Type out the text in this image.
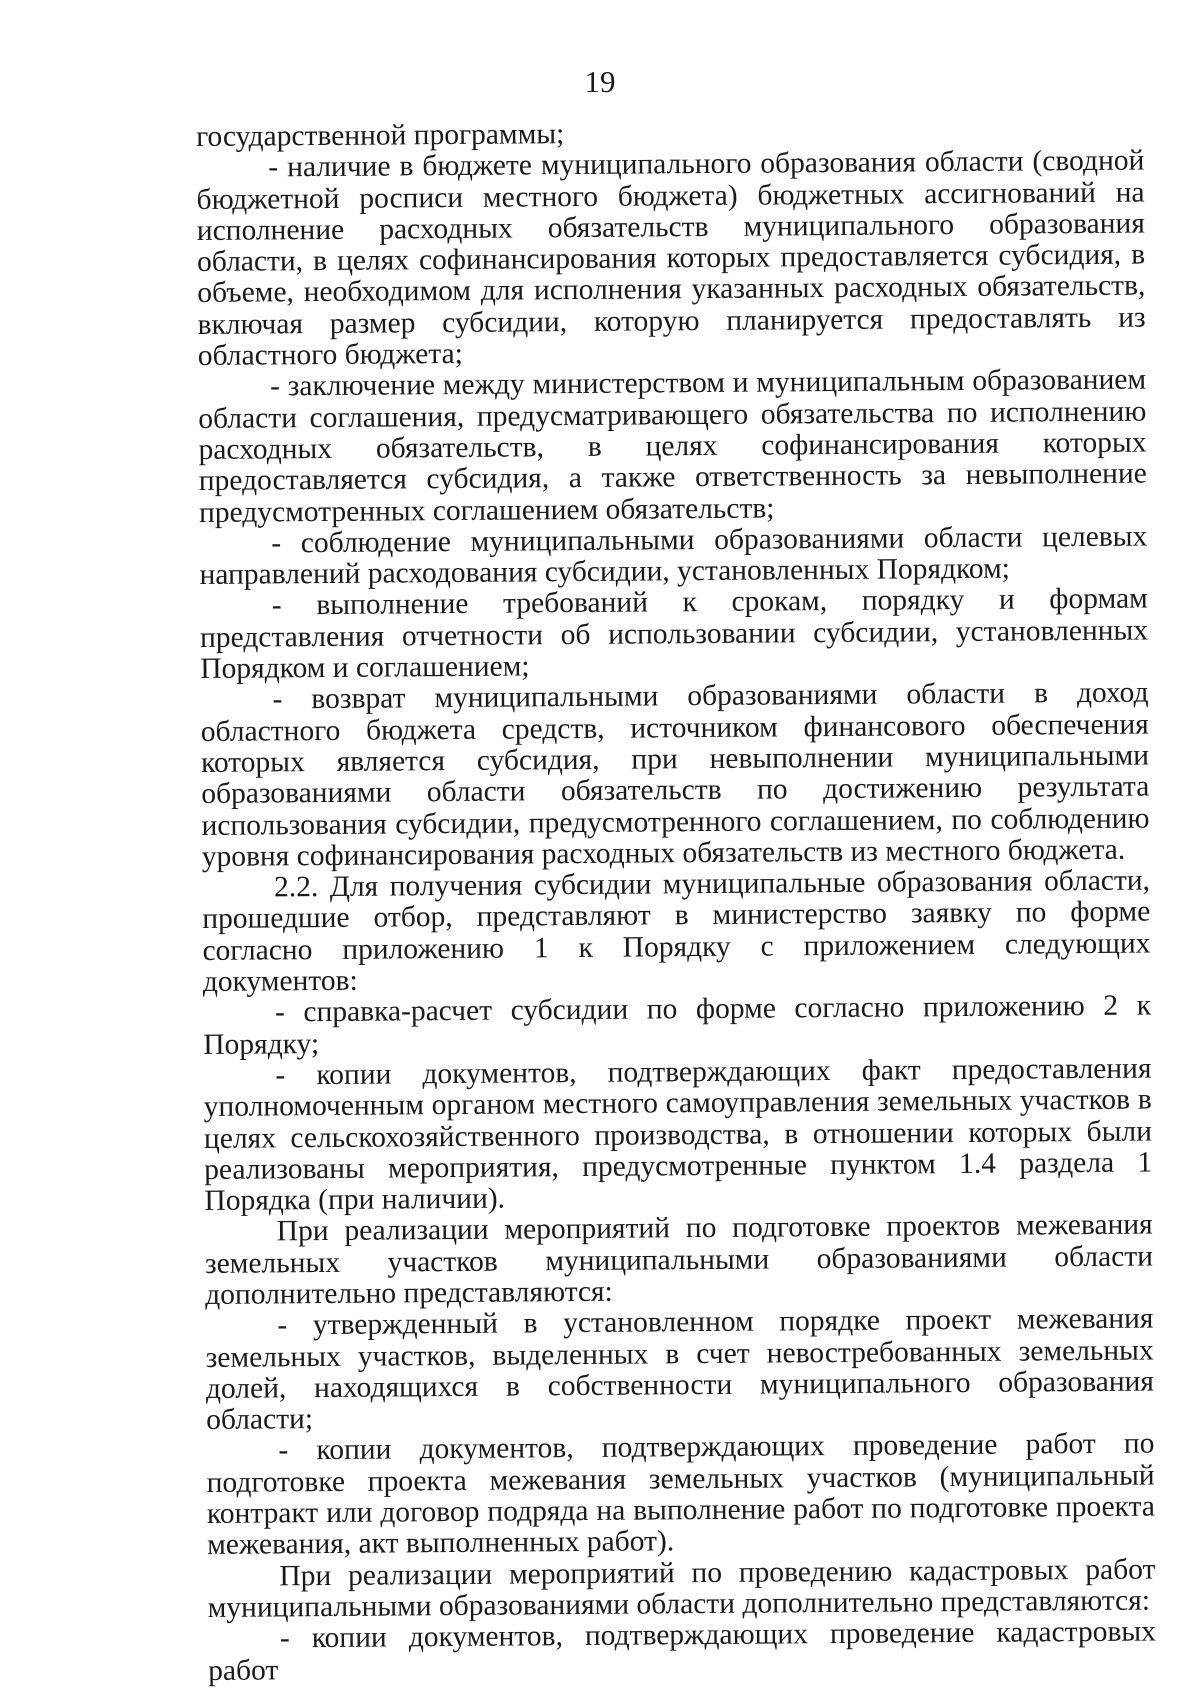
19

государственной программы;

- наличие в бюджете муниципального образования области (сводной бюджетной росписи местного бюджета) бюджетных ассигнований на исполнение расходных обязательств муниципального образования области, в целях софинансирования которых предоставляется субсидия, в объеме, необходимом для исполнения указанных расходных обязательств, включая размер субсидии, которую планируется предоставлять из областного бюджета;

- заключение между министерством и муниципальным образованием области соглашения, предусматривающего обязательства по исполнению расходных обязательств, в целях софинансирования которых предоставляется субсидия, а также ответственность за невыполнение предусмотренных соглашением обязательств;

- соблюдение муниципальными образованиями области целевых направлений расходования субсидии, установленных Порядком;

- выполнение требований к срокам, порядку и формам представления отчетности об использовании субсидии, установленных Порядком и соглашением;

- возврат муниципальными образованиями области в доход областного бюджета средств, источником финансового обеспечения которых является субсидия, при невыполнении муниципальными образованиями области обязательств по достижению результата использования субсидии, предусмотренного соглашением, по соблюдению уровня софинансирования расходных обязательств из местного бюджета.

2.2. Для получения субсидии муниципальные образования области, прошедшие отбор, представляют в министерство заявку по форме согласно приложению 1 к Порядку с приложением следующих документов:

- справка-расчет субсидии по форме согласно приложению 2 к Порядку;

- копии документов, подтверждающих факт предоставления уполномоченным органом местного самоуправления земельных участков в целях сельскохозяйственного производства, в отношении которых были реализованы мероприятия, предусмотренные пунктом 1.4 раздела 1 Порядка (при наличии).

При реализации мероприятий по подготовке проектов межевания земельных участков муниципальными образованиями области дополнительно представляются:

- утвержденный в установленном порядке проект межевания земельных участков, выделенных в счет невостребованных земельных долей, находящихся в собственности муниципального образования области;

- копии документов, подтверждающих проведение работ по подготовке проекта межевания земельных участков (муниципальный контракт или договор подряда на выполнение работ по подготовке проекта межевания, акт выполненных работ).

При реализации мероприятий по проведению кадастровых работ муниципальными образованиями области дополнительно представляются:

- копии документов, подтверждающих проведение кадастровых работ
